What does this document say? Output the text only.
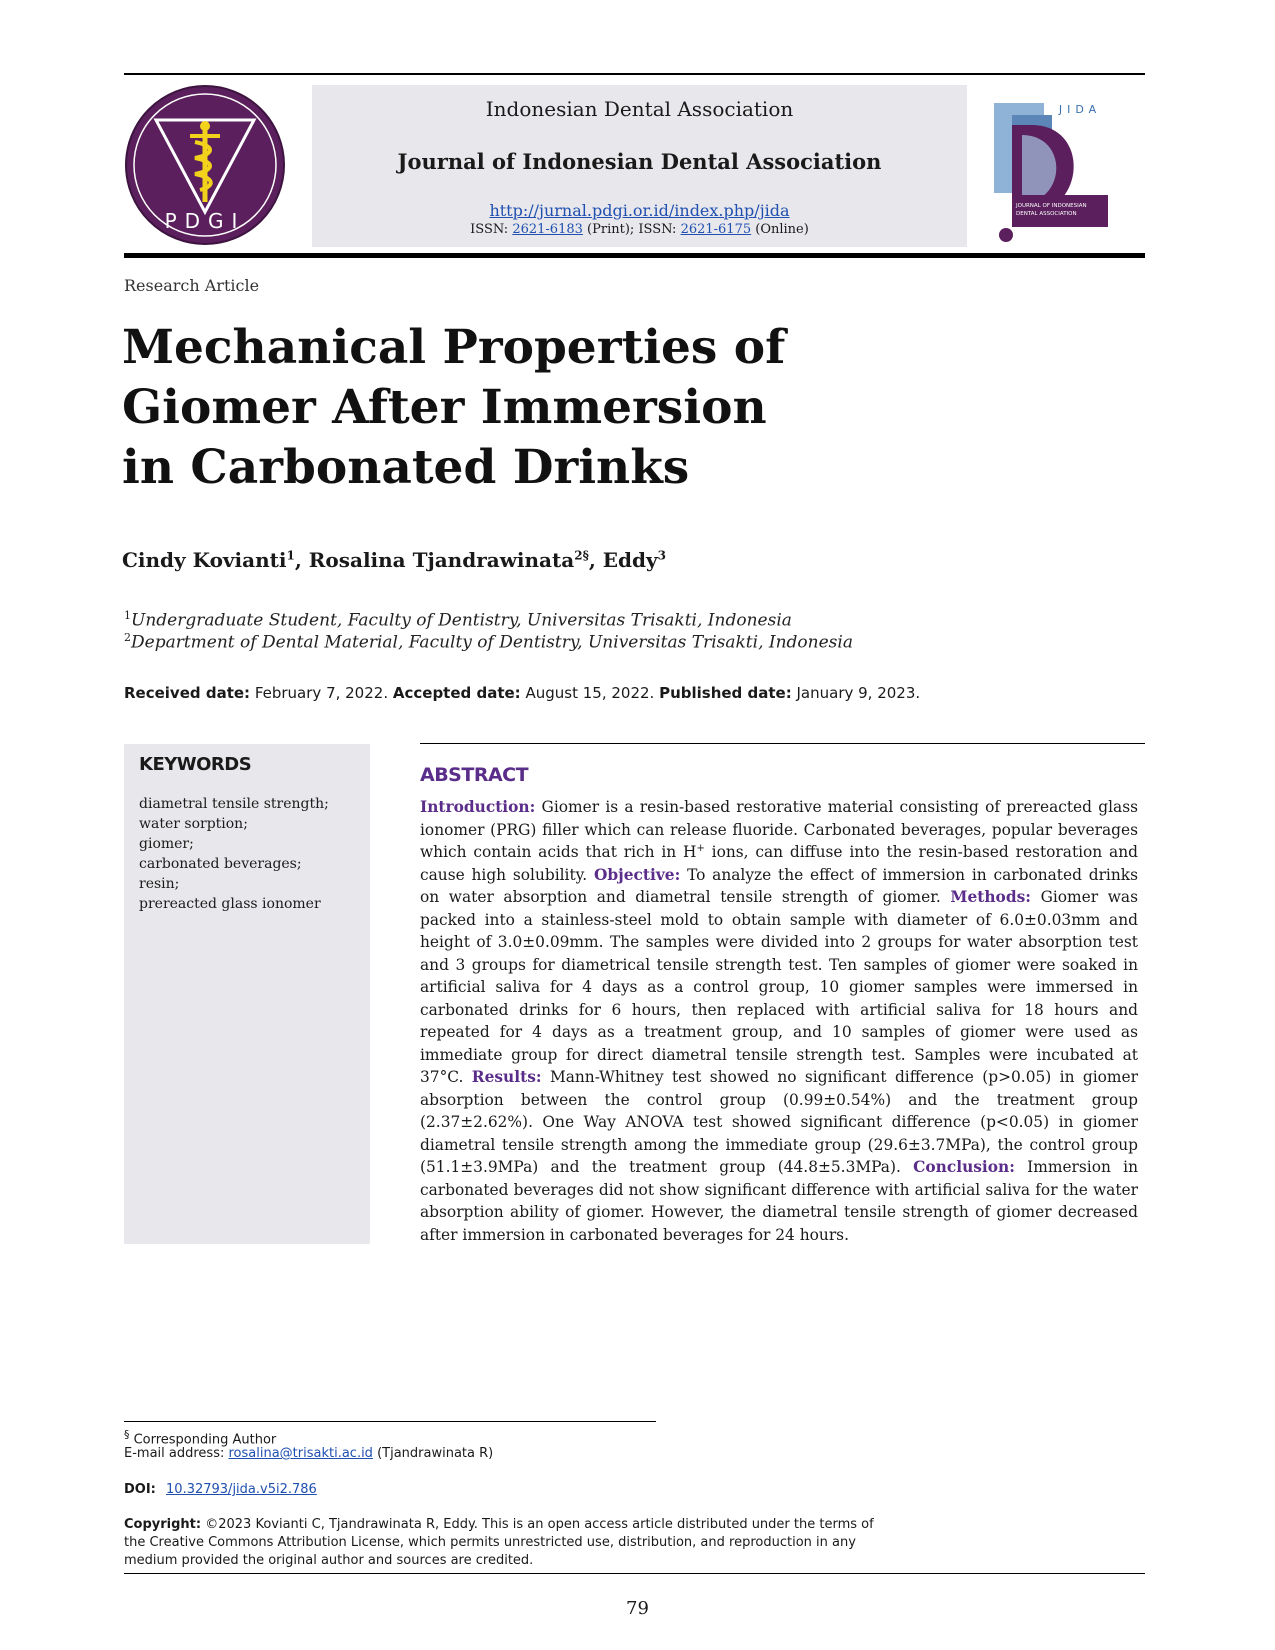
PDGI
Indonesian Dental Association
Journal of Indonesian Dental Association
http://jurnal.pdgi.or.id/index.php/jida
ISSN: 2621-6183 (Print); ISSN: 2621-6175 (Online)
JIDA
JOURNAL OF INDONESIAN
DENTAL ASSOCIATION
Research Article
Mechanical Properties of
Giomer After Immersion
in Carbonated Drinks
Cindy Kovianti$^1$, Rosalina Tjandrawinata$^{2\S}$, Eddy$^3$
$^1$Undergraduate Student, Faculty of Dentistry, Universitas Trisakti, Indonesia
$^2$Department of Dental Material, Faculty of Dentistry, Universitas Trisakti, Indonesia
Received date: February 7, 2022. Accepted date: August 15, 2022. Published date: January 9, 2023.
KEYWORDS
diametral tensile strength;
water sorption;
giomer;
carbonated beverages;
resin;
prereacted glass ionomer
ABSTRACT

Introduction: Giomer is a resin-based restorative material consisting of prereacted glass ionomer (PRG) filler which can release fluoride. Carbonated beverages, popular beverages which contain acids that rich in H+ ions, can diffuse into the resin-based restoration and cause high solubility. Objective: To analyze the effect of immersion in carbonated drinks on water absorption and diametral tensile strength of giomer. Methods: Giomer was packed into a stainless-steel mold to obtain sample with diameter of 6.0±0.03mm and height of 3.0±0.09mm. The samples were divided into 2 groups for water absorption test and 3 groups for diametrical tensile strength test. Ten samples of giomer were soaked in artificial saliva for 4 days as a control group, 10 giomer samples were immersed in carbonated drinks for 6 hours, then replaced with artificial saliva for 18 hours and repeated for 4 days as a treatment group, and 10 samples of giomer were used as immediate group for direct diametral tensile strength test. Samples were incubated at 37°C. Results: Mann-Whitney test showed no significant difference (p>0.05) in giomer absorption between the control group (0.99±0.54%) and the treatment group (2.37±2.62%). One Way ANOVA test showed significant difference (p<0.05) in giomer diametral tensile strength among the immediate group (29.6±3.7MPa), the control group (51.1±3.9MPa) and the treatment group (44.8±5.3MPa). Conclusion: Immersion in carbonated beverages did not show significant difference with artificial saliva for the water absorption ability of giomer. However, the diametral tensile strength of giomer decreased after immersion in carbonated beverages for 24 hours.

§ Corresponding Author
E-mail address: rosalina@trisakti.ac.id (Tjandrawinata R)
DOI: 10.32793/jida.v5i2.786

Copyright: ©2023 Kovianti C, Tjandrawinata R, Eddy. This is an open access article distributed under the terms of the Creative Commons Attribution License, which permits unrestricted use, distribution, and reproduction in any medium provided the original author and sources are credited.

79
